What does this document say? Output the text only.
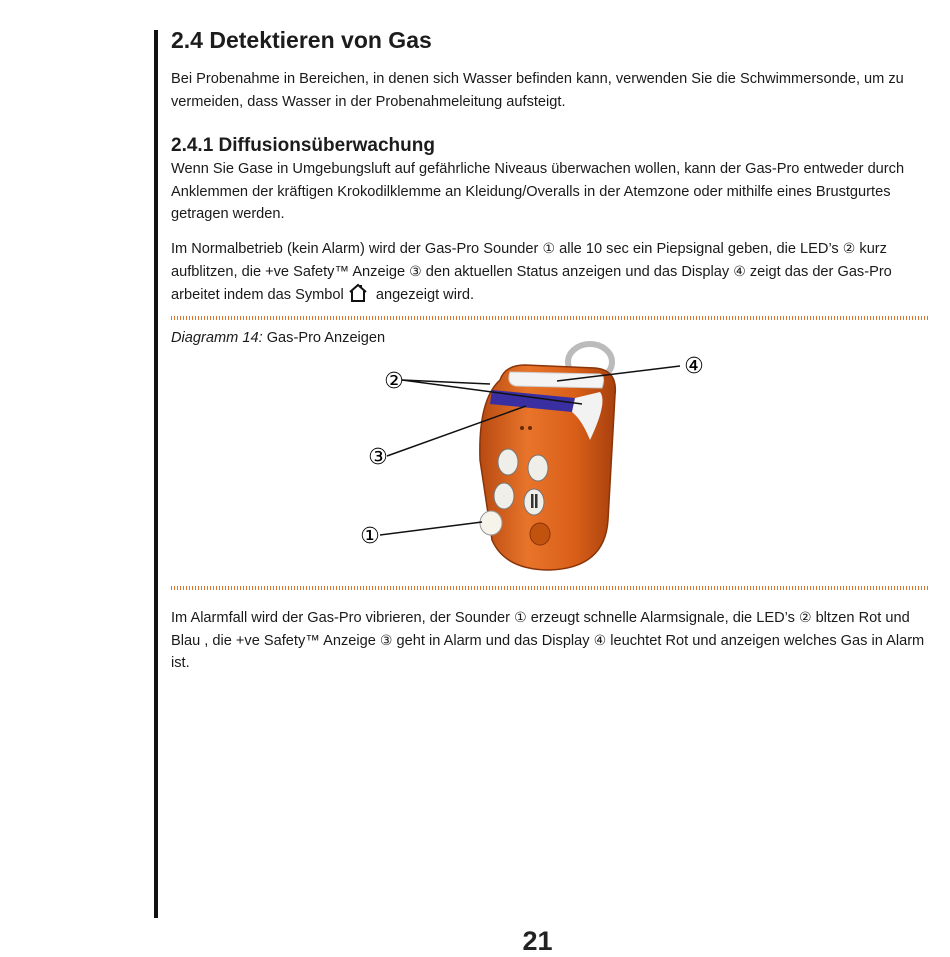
2.4 Detektieren von Gas

Bei Probenahme in Bereichen, in denen sich Wasser befinden kann, verwenden Sie die Schwimmersonde, um zu vermeiden, dass Wasser in der Probenahmeleitung aufsteigt.

2.4.1 Diffusionsüberwachung

Wenn Sie Gase in Umgebungsluft auf gefährliche Niveaus überwachen wollen, kann der Gas-Pro entweder durch Anklemmen der kräftigen Krokodilklemme an Kleidung/Overalls in der Atemzone oder mithilfe eines Brustgurtes getragen werden.

Im Normalbetrieb (kein Alarm) wird der Gas-Pro Sounder ① alle 10 sec ein Piepsignal geben, die LED’s ② kurz aufblitzen, die +ve Safety™ Anzeige ③ den aktuellen Status anzeigen und das Display ④ zeigt das der Gas-Pro arbeitet indem das Symbol angezeigt wird.

Im Alarmfall wird der Gas-Pro vibrieren, der Sounder ① erzeugt schnelle Alarmsignale, die LED’s ② bltzen Rot und Blau , die +ve Safety™ Anzeige ③ geht in Alarm und das Display ④ leuchtet Rot und anzeigen welches Gas in Alarm ist.

Diagramm 14: Gas-Pro Anzeigen
②
③
①
④
21
